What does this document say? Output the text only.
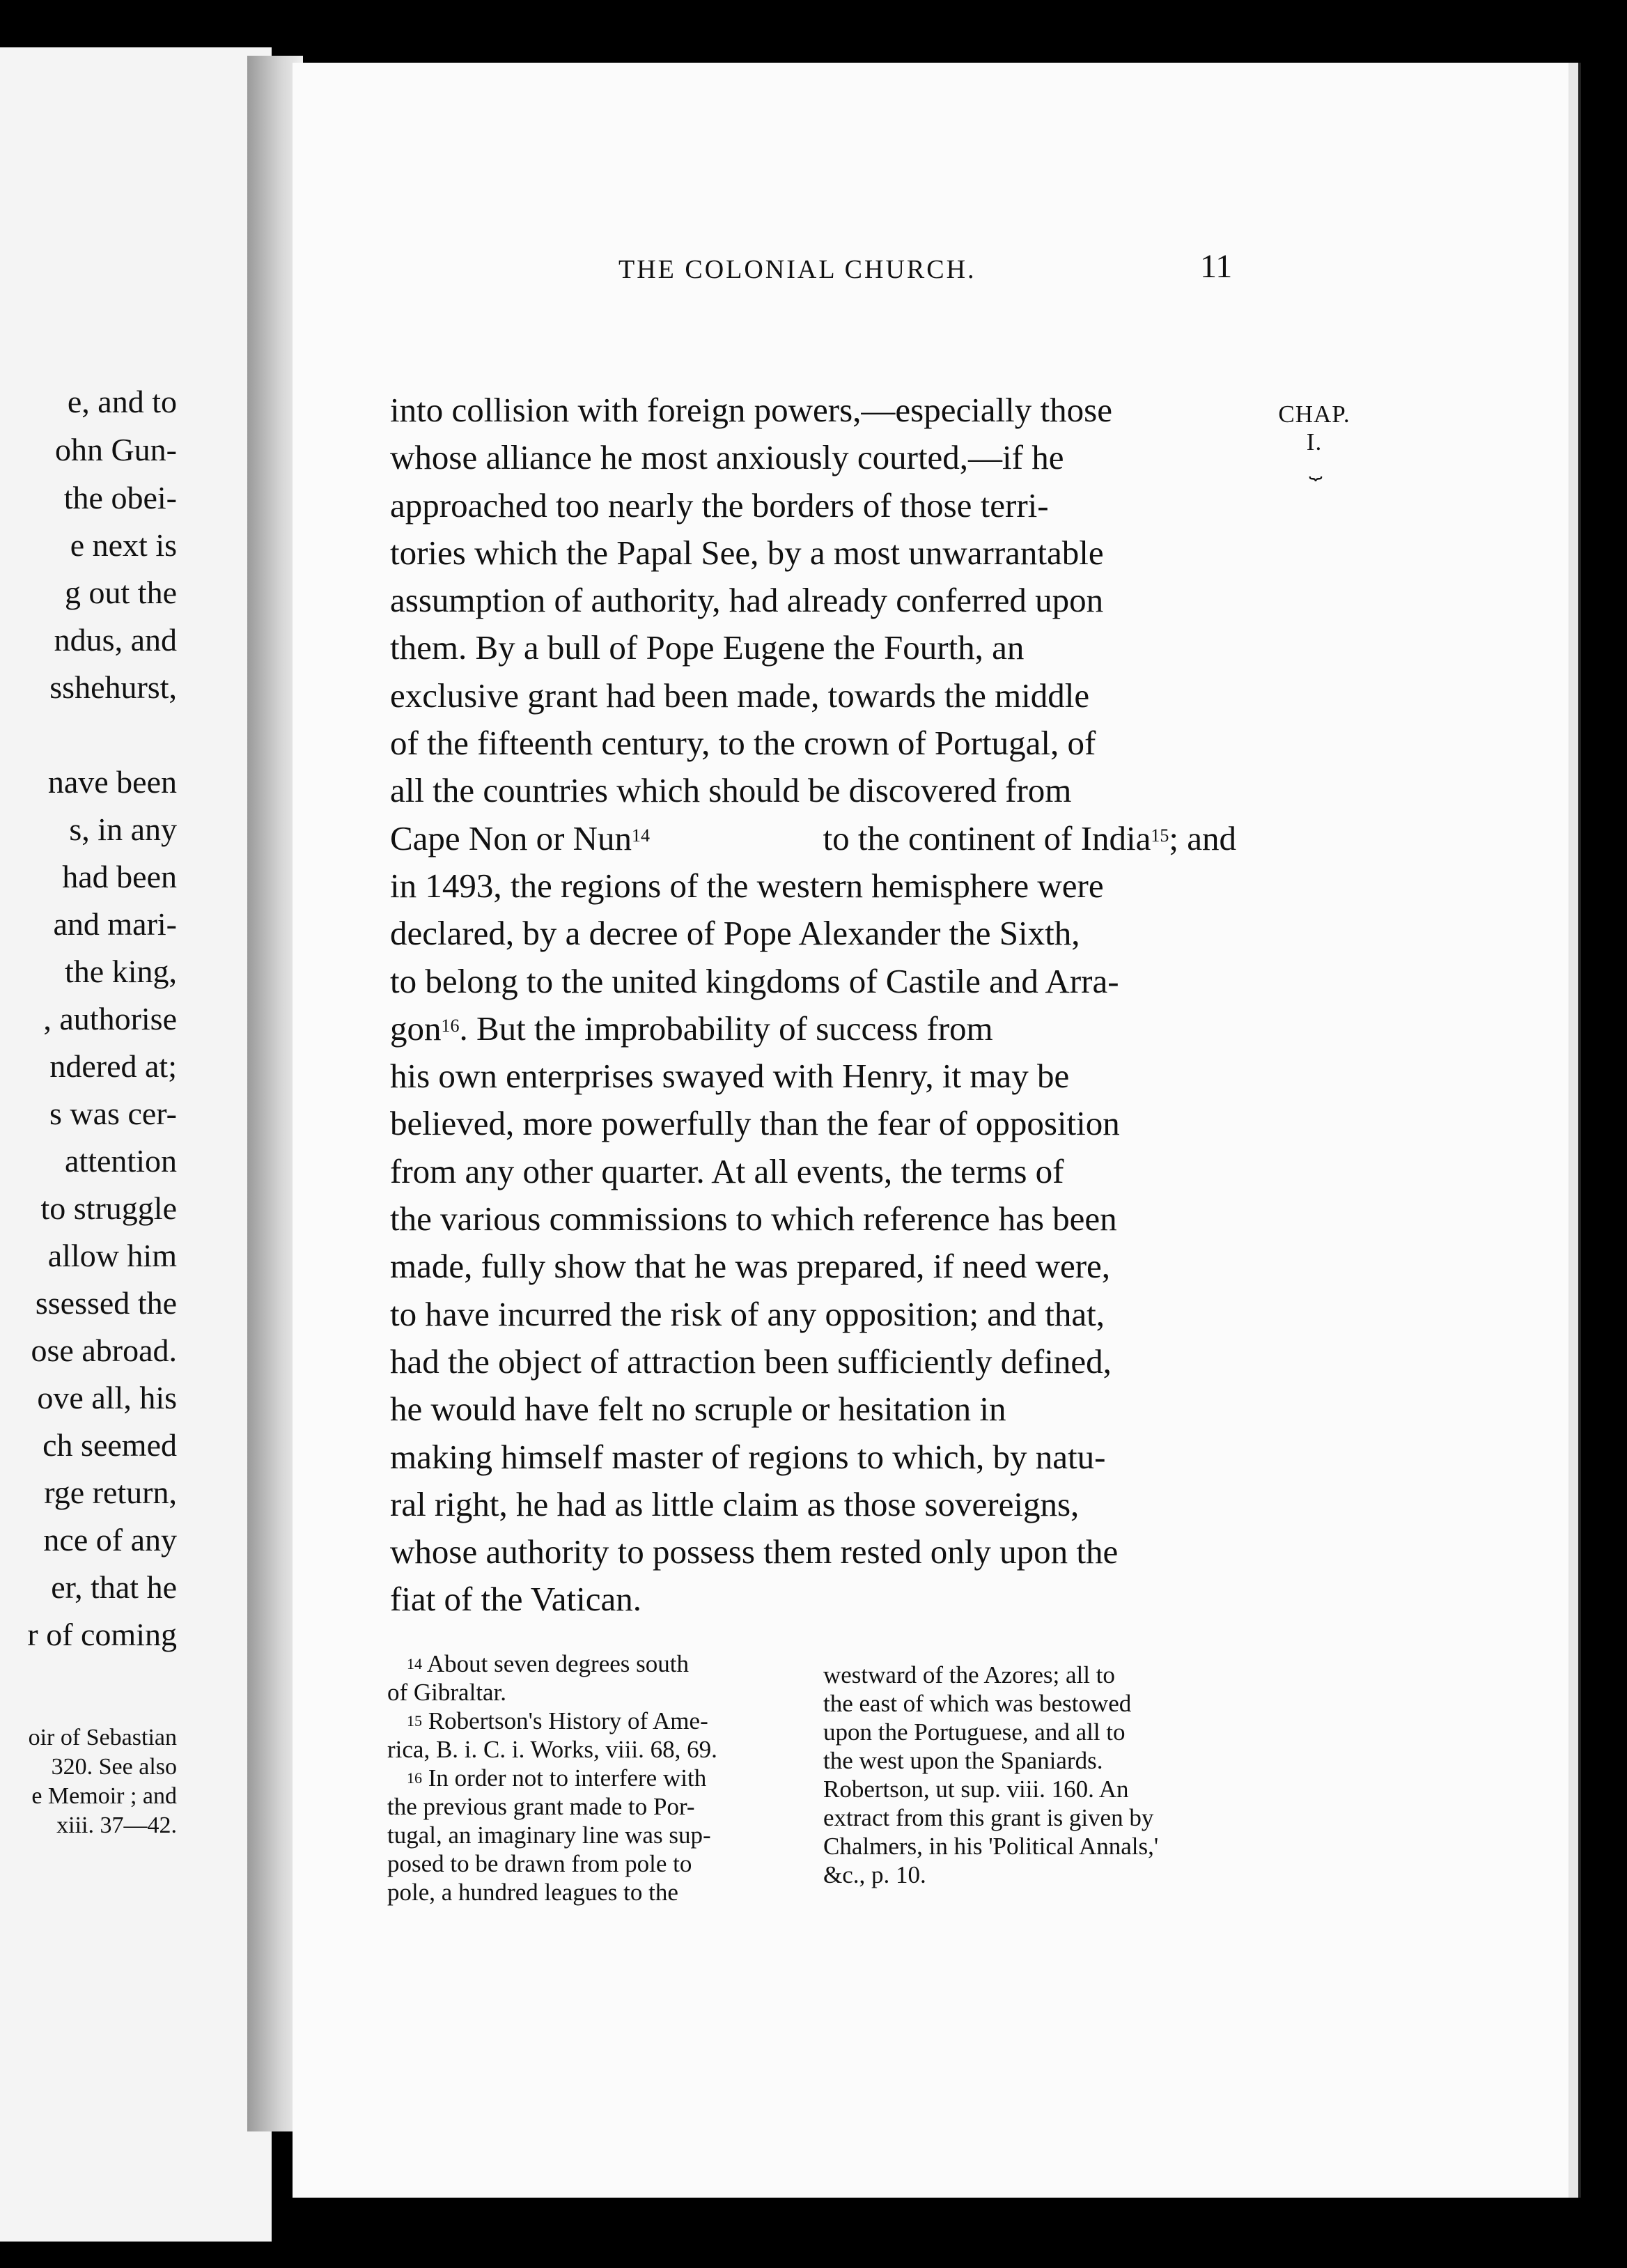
e, and to
ohn Gun-
the obei-
e next is
g out the
ndus, and
sshehurst,
nave been
s, in any
had been
and mari-
the king,
, authorise
ndered at;
s was cer-
attention
to struggle
allow him
ssessed the
ose abroad.
ove all, his
ch seemed
rge return,
nce of any
er, that he
r of coming
oir of Sebastian
320. See also
e Memoir ; and
xiii. 37—42.
THE COLONIAL CHURCH.	11
CHAP.
I.
⏟
into collision with foreign powers,—especially those
whose alliance he most anxiously courted,—if he
approached too nearly the borders of those terri-
tories which the Papal See, by a most unwarrantable
assumption of authority, had already conferred upon
them. By a bull of Pope Eugene the Fourth, an
exclusive grant had been made, towards the middle
of the fifteenth century, to the crown of Portugal, of
all the countries which should be discovered from
Cape Non or Nun$^{14}$	to the continent of India$^{15}$; and
in 1493, the regions of the western hemisphere were
declared, by a decree of Pope Alexander the Sixth,
to belong to the united kingdoms of Castile and Arra-
gon$^{16}$. But the improbability of success from
his own enterprises swayed with Henry, it may be
believed, more powerfully than the fear of opposition
from any other quarter. At all events, the terms of
the various commissions to which reference has been
made, fully show that he was prepared, if need were,
to have incurred the risk of any opposition; and that,
had the object of attraction been sufficiently defined,
he would have felt no scruple or hesitation in
making himself master of regions to which, by natu-
ral right, he had as little claim as those sovereigns,
whose authority to possess them rested only upon the
fiat of the Vatican.
$^{14}$ About seven degrees south
of Gibraltar.
$^{15}$ Robertson's History of Ame-
rica, B. i. C. i. Works, viii. 68, 69.
$^{16}$ In order not to interfere with
the previous grant made to Por-
tugal, an imaginary line was sup-
posed to be drawn from pole to
pole, a hundred leagues to the
westward of the Azores; all to
the east of which was bestowed
upon the Portuguese, and all to
the west upon the Spaniards.
Robertson, ut sup. viii. 160. An
extract from this grant is given by
Chalmers, in his 'Political Annals,'
&c., p. 10.
